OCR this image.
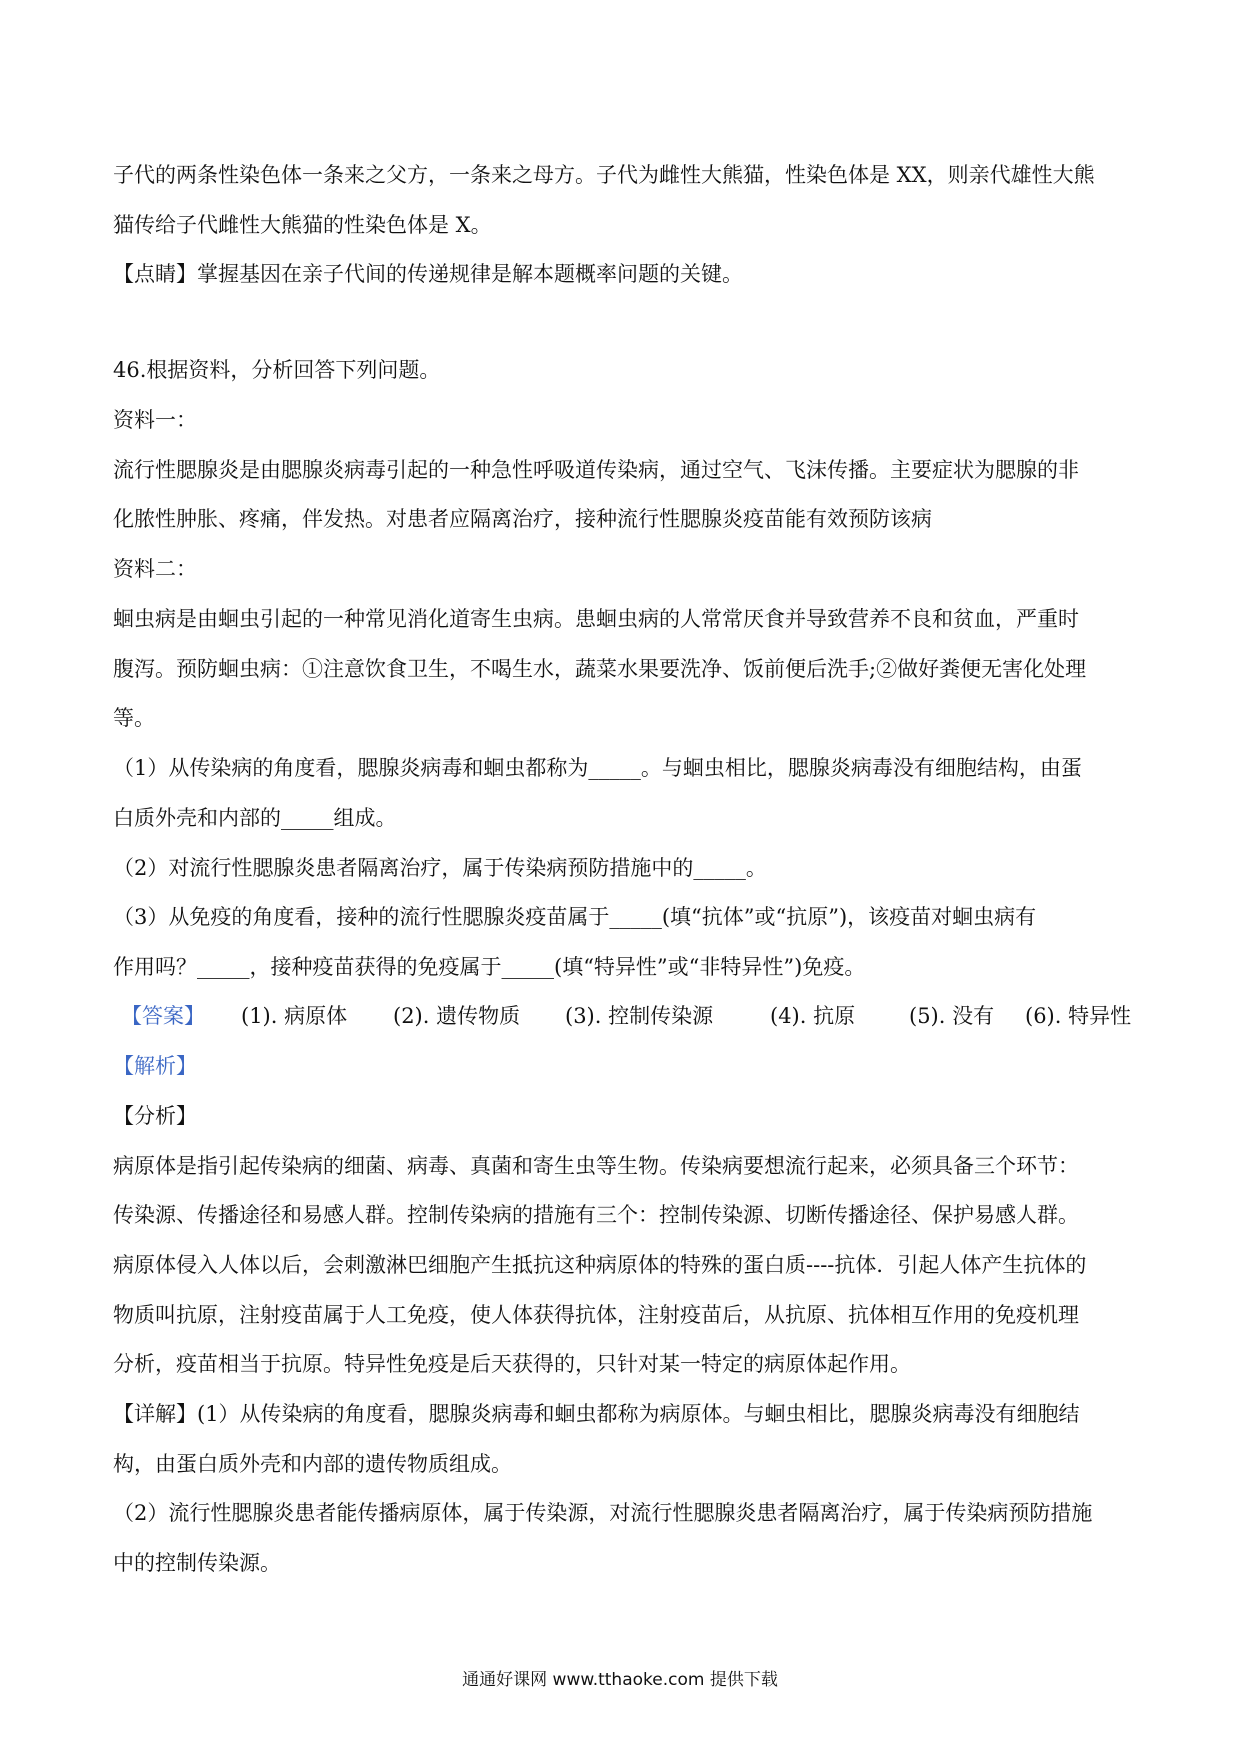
子代的两条性染色体一条来之父方，一条来之母方。子代为雌性大熊猫，性染色体是 XX，则亲代雄性大熊
猫传给子代雌性大熊猫的性染色体是 X。
【点睛】掌握基因在亲子代间的传递规律是解本题概率问题的关键。
46.根据资料，分析回答下列问题。
资料一：
流行性腮腺炎是由腮腺炎病毒引起的一种急性呼吸道传染病，通过空气、飞沫传播。主要症状为腮腺的非
化脓性肿胀、疼痛，伴发热。对患者应隔离治疗，接种流行性腮腺炎疫苗能有效预防该病
资料二：
蛔虫病是由蛔虫引起的一种常见消化道寄生虫病。患蛔虫病的人常常厌食并导致营养不良和贫血，严重时
腹泻。预防蛔虫病：①注意饮食卫生，不喝生水，蔬菜水果要洗净、饭前便后洗手;②做好粪便无害化处理
等。
（1）从传染病的角度看，腮腺炎病毒和蛔虫都称为_____。与蛔虫相比，腮腺炎病毒没有细胞结构，由蛋
白质外壳和内部的_____组成。
（2）对流行性腮腺炎患者隔离治疗，属于传染病预防措施中的_____。
（3）从免疫的角度看，接种的流行性腮腺炎疫苗属于_____(填“抗体”或“抗原”)，该疫苗对蛔虫病有
作用吗？_____，接种疫苗获得的免疫属于_____(填“特异性”或“非特异性”)免疫。
【答案】 (1). 病原体 (2). 遗传物质 (3). 控制传染源	(4). 抗原	(5). 没有 (6). 特异性
【解析】
【分析】
病原体是指引起传染病的细菌、病毒、真菌和寄生虫等生物。传染病要想流行起来，必须具备三个环节：
传染源、传播途径和易感人群。控制传染病的措施有三个：控制传染源、切断传播途径、保护易感人群。
病原体侵入人体以后，会刺激淋巴细胞产生抵抗这种病原体的特殊的蛋白质----抗体．引起人体产生抗体的
物质叫抗原，注射疫苗属于人工免疫，使人体获得抗体，注射疫苗后，从抗原、抗体相互作用的免疫机理
分析，疫苗相当于抗原。特异性免疫是后天获得的，只针对某一特定的病原体起作用。
【详解】(1）从传染病的角度看，腮腺炎病毒和蛔虫都称为病原体。与蛔虫相比，腮腺炎病毒没有细胞结
构，由蛋白质外壳和内部的遗传物质组成。
（2）流行性腮腺炎患者能传播病原体，属于传染源，对流行性腮腺炎患者隔离治疗，属于传染病预防措施
中的控制传染源。
通通好课网 www.tthaoke.com 提供下载
